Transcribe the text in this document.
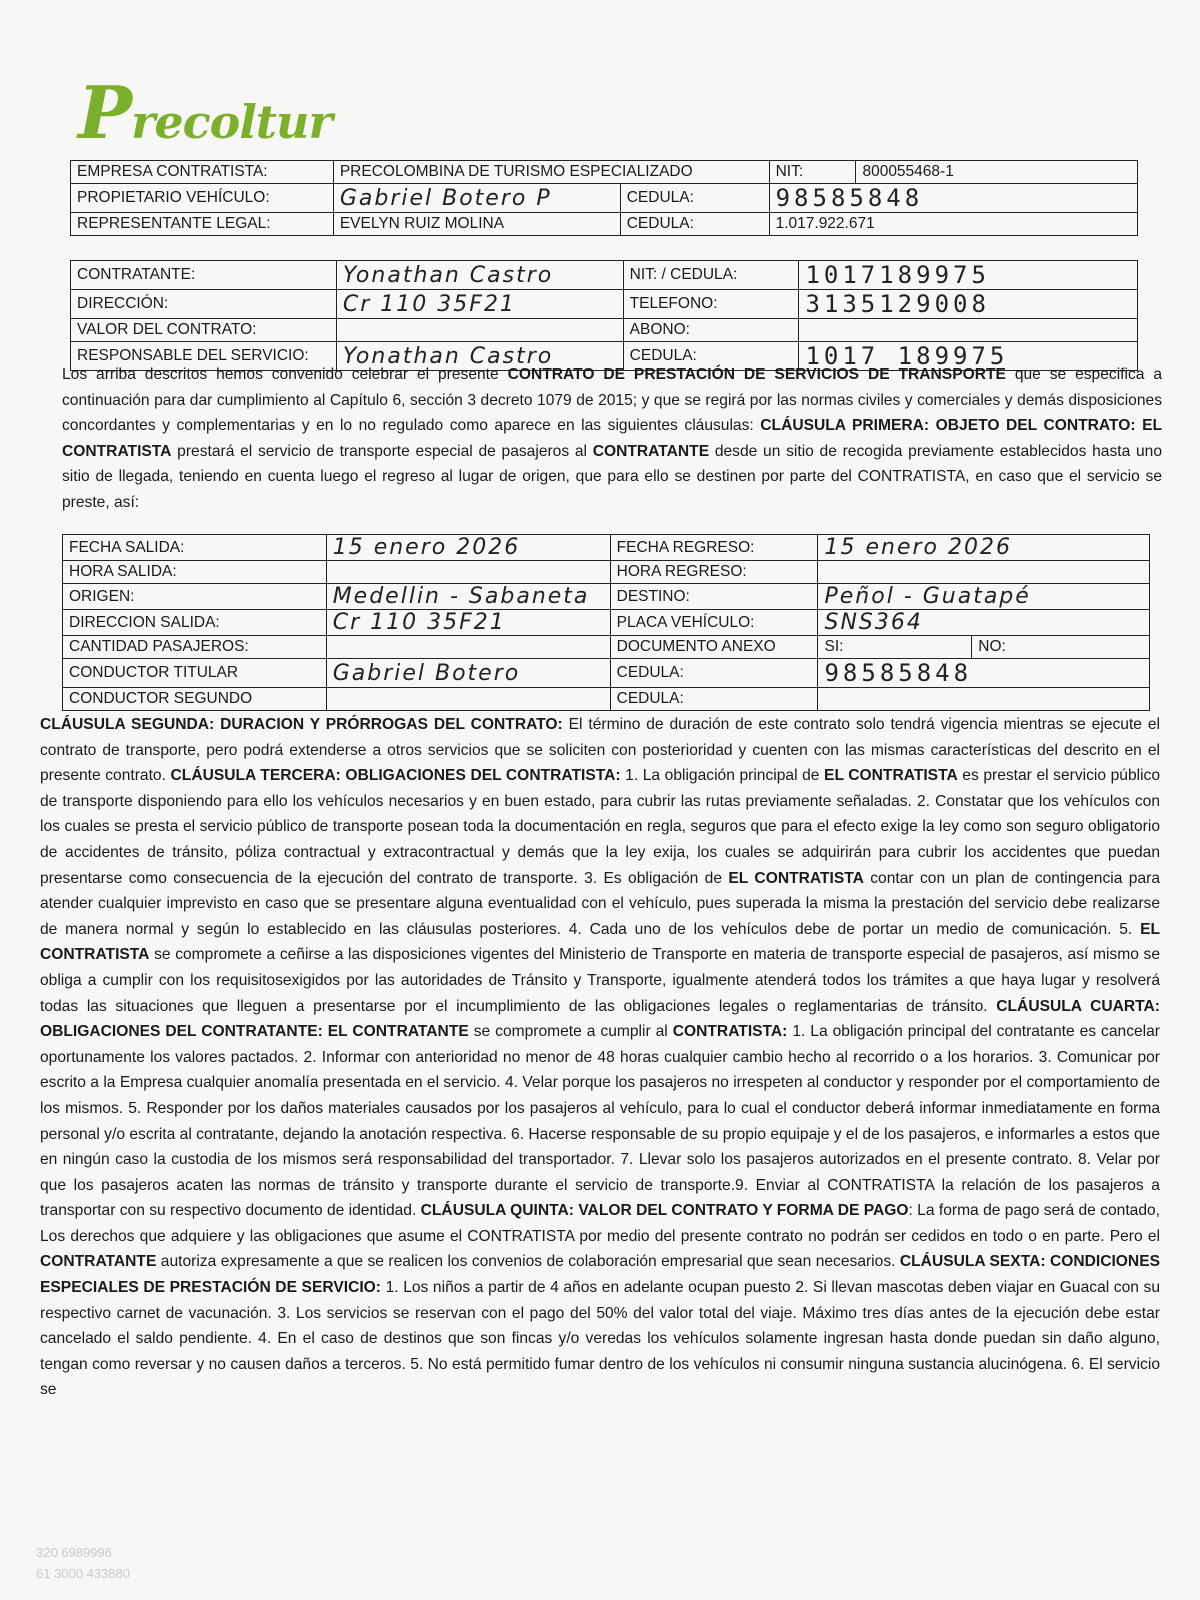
Precoltur
EMPRESA CONTRATISTA:	PRECOLOMBINA DE TURISMO ESPECIALIZADO		NIT:	800055468-1
PROPIETARIO VEHÍCULO:	Gabriel Botero P	CEDULA:	98585848	
REPRESENTANTE LEGAL:	EVELYN RUIZ MOLINA	CEDULA:	1.017.922.671	
CONTRATANTE:	Yonathan Castro	NIT: / CEDULA:	1017189975
DIRECCIÓN:	Cr 110 35F21	TELEFONO:	3135129008
VALOR DEL CONTRATO:		ABONO:	
RESPONSABLE DEL SERVICIO:	Yonathan Castro	CEDULA:	1017 189975
Los arriba descritos hemos convenido celebrar el presente CONTRATO DE PRESTACIÓN DE SERVICIOS DE TRANSPORTE que se especifica a continuación para dar cumplimiento al Capítulo 6, sección 3 decreto 1079 de 2015; y que se regirá por las normas civiles y comerciales y demás disposiciones concordantes y complementarias y en lo no regulado como aparece en las siguientes cláusulas: CLÁUSULA PRIMERA: OBJETO DEL CONTRATO: EL CONTRATISTA prestará el servicio de transporte especial de pasajeros al CONTRATANTE desde un sitio de recogida previamente establecidos hasta uno sitio de llegada, teniendo en cuenta luego el regreso al lugar de origen, que para ello se destinen por parte del CONTRATISTA, en caso que el servicio se preste, así:
FECHA SALIDA:	15 enero 2026	FECHA REGRESO:	15 enero 2026	
HORA SALIDA:		HORA REGRESO:		
ORIGEN:	Medellin - Sabaneta	DESTINO:	Peñol - Guatapé	
DIRECCION SALIDA:	Cr 110 35F21	PLACA VEHÍCULO:	SNS364	
CANTIDAD PASAJEROS:		DOCUMENTO ANEXO	SI:	NO:
CONDUCTOR TITULAR	Gabriel Botero	CEDULA:	98585848	
CONDUCTOR SEGUNDO		CEDULA:		
CLÁUSULA SEGUNDA: DURACION Y PRÓRROGAS DEL CONTRATO: El término de duración de este contrato solo tendrá vigencia mientras se ejecute el contrato de transporte, pero podrá extenderse a otros servicios que se soliciten con posterioridad y cuenten con las mismas características del descrito en el presente contrato. CLÁUSULA TERCERA: OBLIGACIONES DEL CONTRATISTA: 1. La obligación principal de EL CONTRATISTA es prestar el servicio público de transporte disponiendo para ello los vehículos necesarios y en buen estado, para cubrir las rutas previamente señaladas. 2. Constatar que los vehículos con los cuales se presta el servicio público de transporte posean toda la documentación en regla, seguros que para el efecto exige la ley como son seguro obligatorio de accidentes de tránsito, póliza contractual y extracontractual y demás que la ley exija, los cuales se adquirirán para cubrir los accidentes que puedan presentarse como consecuencia de la ejecución del contrato de transporte. 3. Es obligación de EL CONTRATISTA contar con un plan de contingencia para atender cualquier imprevisto en caso que se presentare alguna eventualidad con el vehículo, pues superada la misma la prestación del servicio debe realizarse de manera normal y según lo establecido en las cláusulas posteriores. 4. Cada uno de los vehículos debe de portar un medio de comunicación. 5. EL CONTRATISTA se compromete a ceñirse a las disposiciones vigentes del Ministerio de Transporte en materia de transporte especial de pasajeros, así mismo se obliga a cumplir con los requisitosexigidos por las autoridades de Tránsito y Transporte, igualmente atenderá todos los trámites a que haya lugar y resolverá todas las situaciones que lleguen a presentarse por el incumplimiento de las obligaciones legales o reglamentarias de tránsito. CLÁUSULA CUARTA: OBLIGACIONES DEL CONTRATANTE: EL CONTRATANTE se compromete a cumplir al CONTRATISTA: 1. La obligación principal del contratante es cancelar oportunamente los valores pactados. 2. Informar con anterioridad no menor de 48 horas cualquier cambio hecho al recorrido o a los horarios. 3. Comunicar por escrito a la Empresa cualquier anomalía presentada en el servicio. 4. Velar porque los pasajeros no irrespeten al conductor y responder por el comportamiento de los mismos. 5. Responder por los daños materiales causados por los pasajeros al vehículo, para lo cual el conductor deberá informar inmediatamente en forma personal y/o escrita al contratante, dejando la anotación respectiva. 6. Hacerse responsable de su propio equipaje y el de los pasajeros, e informarles a estos que en ningún caso la custodia de los mismos será responsabilidad del transportador. 7. Llevar solo los pasajeros autorizados en el presente contrato. 8. Velar por que los pasajeros acaten las normas de tránsito y transporte durante el servicio de transporte.9. Enviar al CONTRATISTA la relación de los pasajeros a transportar con su respectivo documento de identidad. CLÁUSULA QUINTA: VALOR DEL CONTRATO Y FORMA DE PAGO: La forma de pago será de contado, Los derechos que adquiere y las obligaciones que asume el CONTRATISTA por medio del presente contrato no podrán ser cedidos en todo o en parte. Pero el CONTRATANTE autoriza expresamente a que se realicen los convenios de colaboración empresarial que sean necesarios. CLÁUSULA SEXTA: CONDICIONES ESPECIALES DE PRESTACIÓN DE SERVICIO: 1. Los niños a partir de 4 años en adelante ocupan puesto 2. Si llevan mascotas deben viajar en Guacal con su respectivo carnet de vacunación. 3. Los servicios se reservan con el pago del 50% del valor total del viaje. Máximo tres días antes de la ejecución debe estar cancelado el saldo pendiente. 4. En el caso de destinos que son fincas y/o veredas los vehículos solamente ingresan hasta donde puedan sin daño alguno, tengan como reversar y no causen daños a terceros. 5. No está permitido fumar dentro de los vehículos ni consumir ninguna sustancia alucinógena. 6. El servicio se
320 6989996
61 3000 433880
